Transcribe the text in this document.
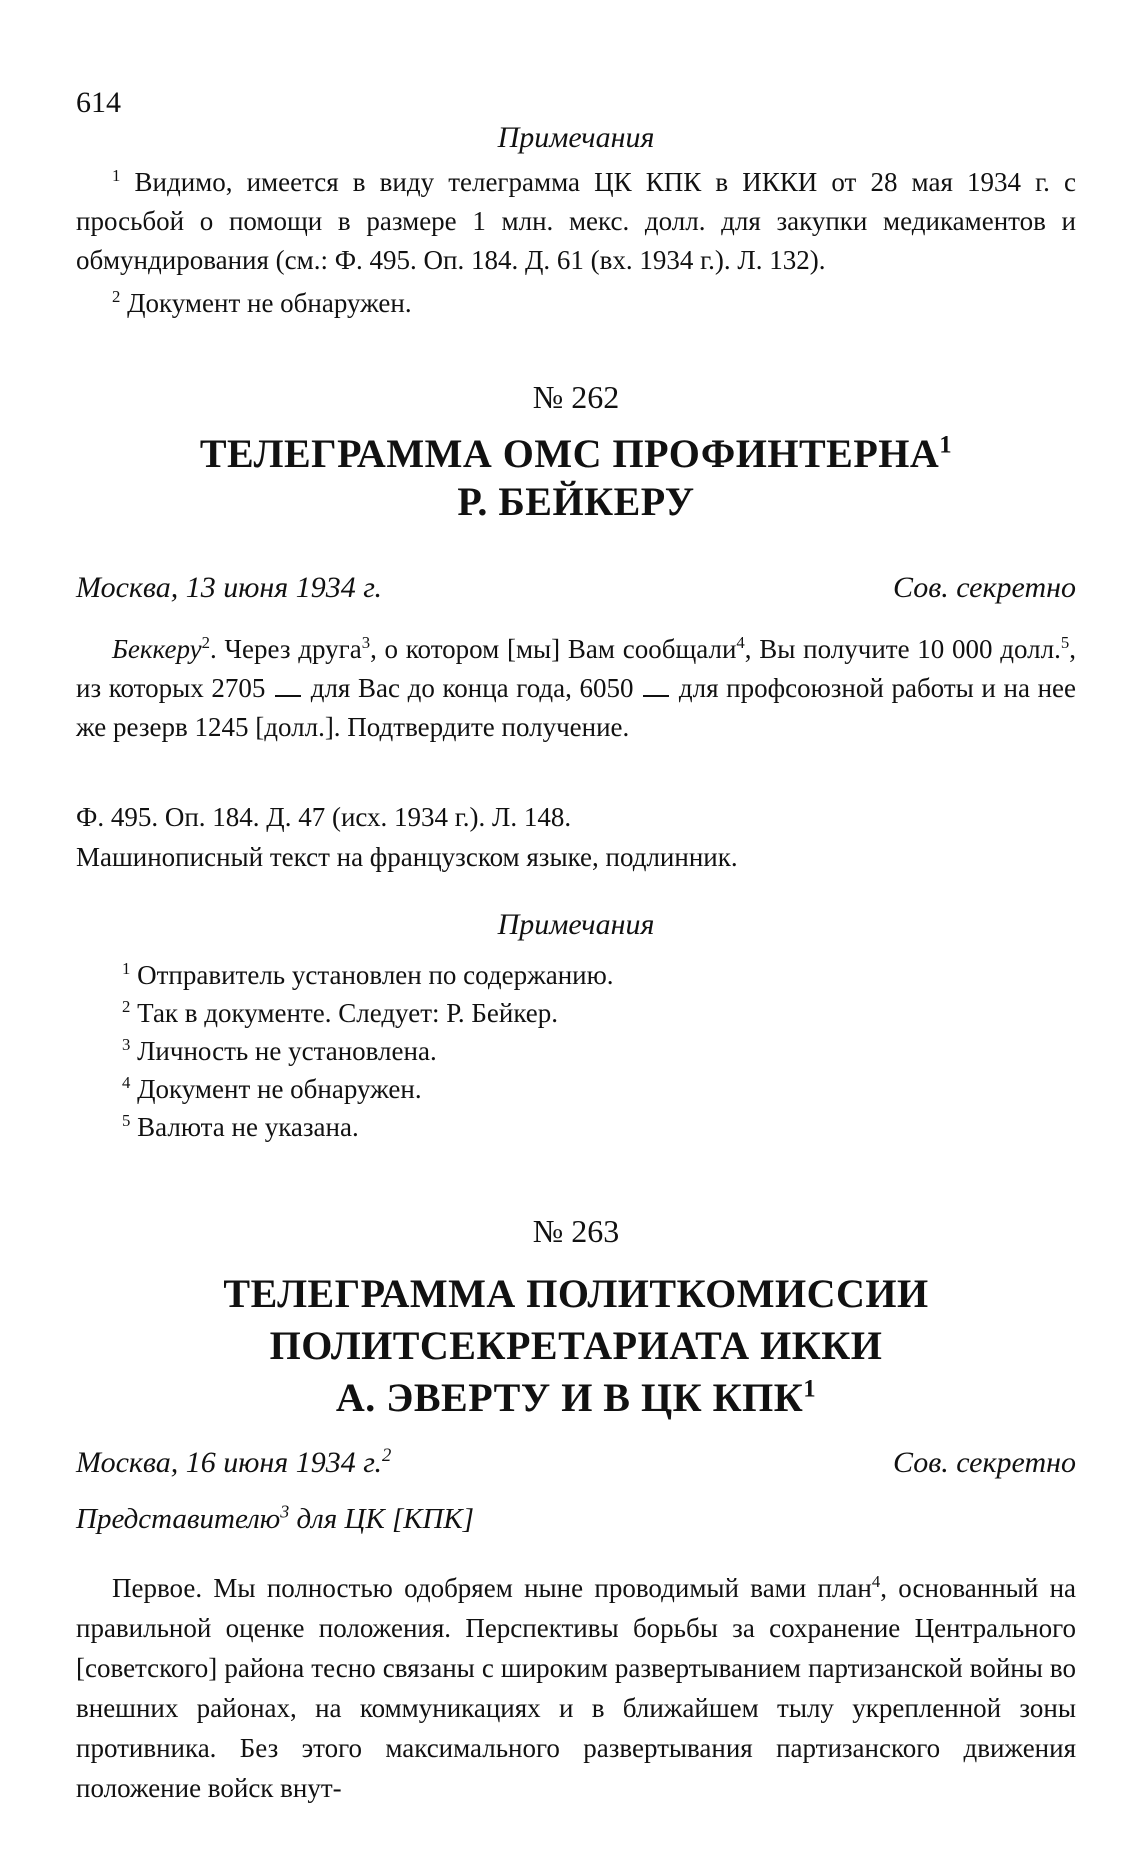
614
Примечания

$^1$ Видимо, имеется в виду телеграмма ЦК КПК в ИККИ от 28 мая 1934 г. с просьбой о помощи в размере 1 млн. мекс. долл. для закупки медикаментов и обмундирования (см.: Ф. 495. Оп. 184. Д. 61 (вх. 1934 г.). Л. 132).

$^2$ Документ не обнаружен.

№ 262
ТЕЛЕГРАММА ОМС ПРОФИНТЕРНА$^1$
Р. БЕЙКЕРУ
Москва, 13 июня 1934 г.	Сов. секретно

Беккеру$^2$. Через друга$^3$, о котором [мы] Вам сообщали$^4$, Вы получите 10 000 долл.$^5$, из которых 2705 для Вас до конца года, 6050 для профсоюзной работы и на нее же резерв 1245 [долл.]. Подтвердите получение.

Ф. 495. Оп. 184. Д. 47 (исх. 1934 г.). Л. 148.
Машинописный текст на французском языке, подлинник.
Примечания

$^1$ Отправитель установлен по содержанию.

$^2$ Так в документе. Следует: Р. Бейкер.

$^3$ Личность не установлена.

$^4$ Документ не обнаружен.

$^5$ Валюта не указана.

№ 263
ТЕЛЕГРАММА ПОЛИТКОМИССИИ
ПОЛИТСЕКРЕТАРИАТА ИККИ
А. ЭВЕРТУ И В ЦК КПК$^1$
Москва, 16 июня 1934 г.$^2$	Сов. секретно
Представителю$^3$ для ЦК [КПК]

Первое. Мы полностью одобряем ныне проводимый вами план$^4$, основанный на правильной оценке положения. Перспективы борьбы за сохранение Центрального [советского] района тесно связаны с широким развертыванием партизанской войны во внешних районах, на коммуникациях и в ближайшем тылу укрепленной зоны противника. Без этого максимального развертывания партизанского движения положение войск внут-
